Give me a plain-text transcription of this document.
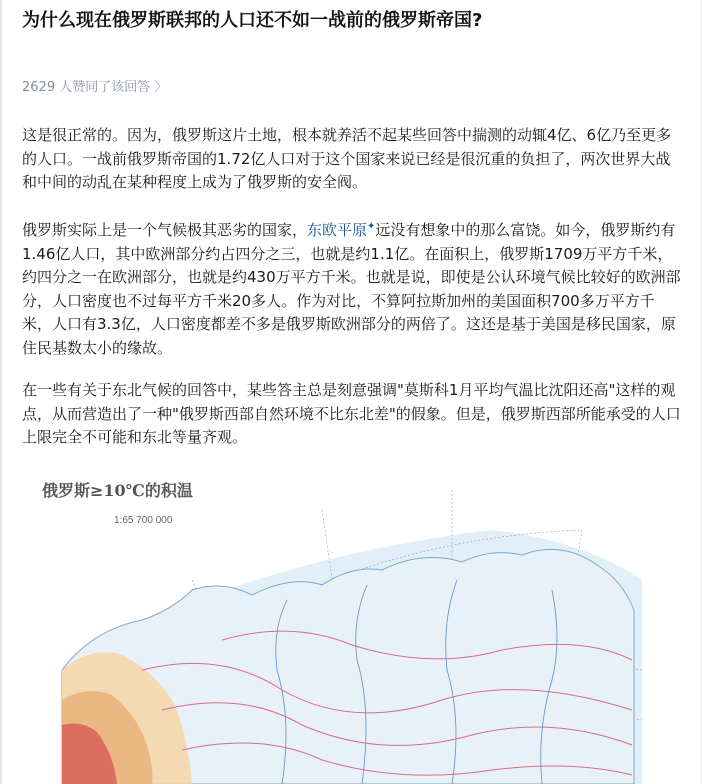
为什么现在俄罗斯联邦的人口还不如一战前的俄罗斯帝国?
2629 人赞同了该回答 〉

这是很正常的。因为，俄罗斯这片土地，根本就养活不起某些回答中揣测的动辄4亿、6亿乃至更多的人口。一战前俄罗斯帝国的1.72亿人口对于这个国家来说已经是很沉重的负担了，两次世界大战和中间的动乱在某种程度上成为了俄罗斯的安全阀。

俄罗斯实际上是一个气候极其恶劣的国家，东欧平原✦远没有想象中的那么富饶。如今，俄罗斯约有1.46亿人口，其中欧洲部分约占四分之三，也就是约1.1亿。在面积上，俄罗斯1709万平方千米，约四分之一在欧洲部分，也就是约430万平方千米。也就是说，即使是公认环境气候比较好的欧洲部分，人口密度也不过每平方千米20多人。作为对比，不算阿拉斯加州的美国面积700多万平方千米，人口有3.3亿，人口密度都差不多是俄罗斯欧洲部分的两倍了。这还是基于美国是移民国家，原住民基数太小的缘故。

在一些有关于东北气候的回答中，某些答主总是刻意强调"莫斯科1月平均气温比沈阳还高"这样的观点，从而营造出了一种"俄罗斯西部自然环境不比东北差"的假象。但是，俄罗斯西部所能承受的人口上限完全不可能和东北等量齐观。

俄罗斯≥10℃的积温
1:65 700 000
